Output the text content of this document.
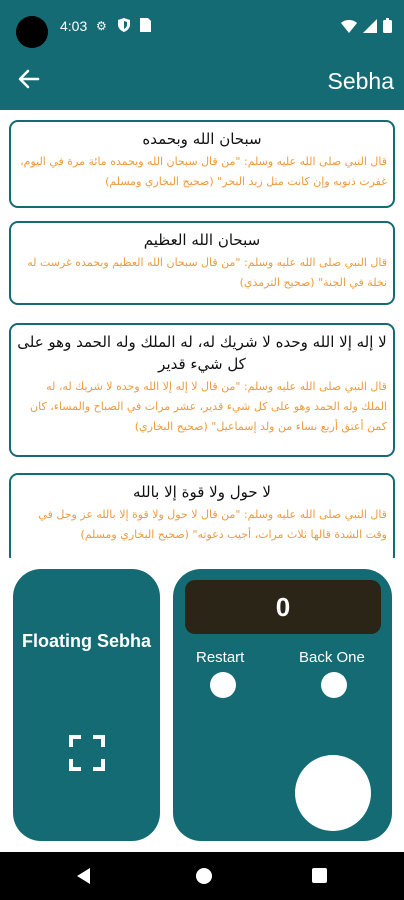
4:03 ⚙
Sebha
سبحان الله وبحمده
قال النبي صلى الله عليه وسلم: "من قال سبحان الله وبحمده مائة مرة في اليوم، غفرت ذنوبه وإن كانت مثل زبد البحر" (صحيح البخاري ومسلم)
سبحان الله العظيم
قال النبي صلى الله عليه وسلم: "من قال سبحان الله العظيم وبحمده غرست له نخلة في الجنة" (صحيح الترمذي)
لا إله إلا الله وحده لا شريك له، له الملك وله الحمد وهو على كل شيء قدير
قال النبي صلى الله عليه وسلم: "من قال لا إله إلا الله وحده لا شريك له، له الملك وله الحمد وهو على كل شيء قدير، عشر مرات في الصباح والمساء، كان كمن أعتق أربع نساء من ولد إسماعيل" (صحيح البخاري)
لا حول ولا قوة إلا بالله
قال النبي صلى الله عليه وسلم: "من قال لا حول ولا قوة إلا بالله عز وجل في وقت الشدة قالها ثلاث مرات، أجيب دعوته" (صحيح البخاري ومسلم)
Floating Sebha
0
Restart	Back One
